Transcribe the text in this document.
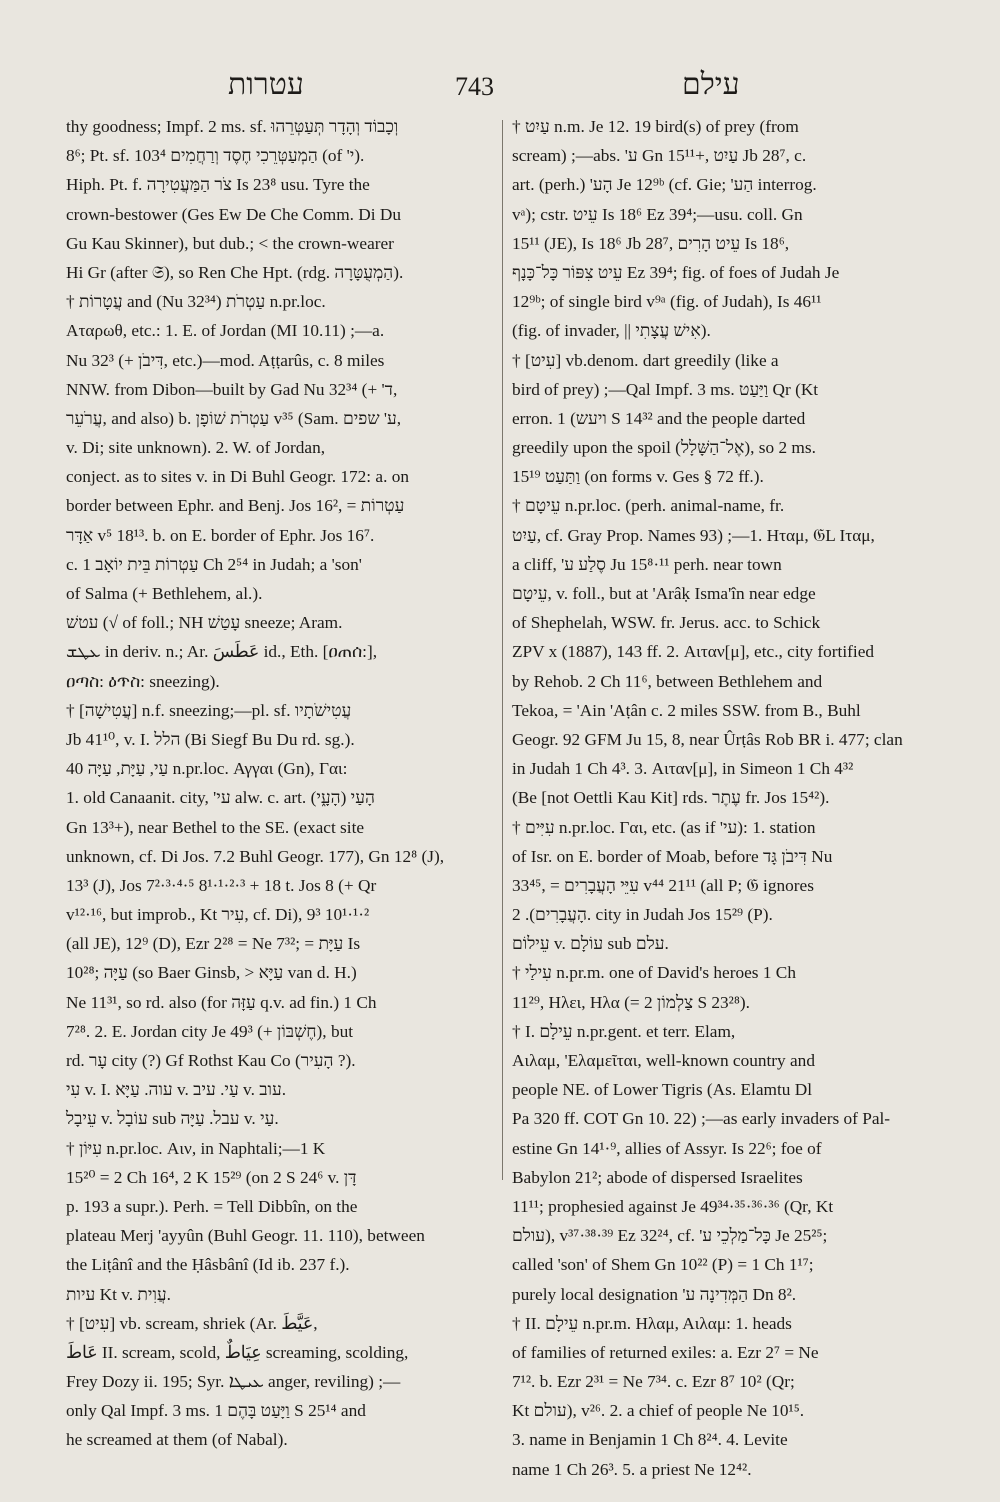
עטרות	743	עילם
thy goodness; Impf. 2 ms. sf. וְכָבוֹד וְהָדָר תְּעַטְּרֵהוּ
8⁶; Pt. sf. הַמְעַטְּרֵכִי חֶסֶד וְרַחֲמִים 103⁴ (of 'י).
Hiph. Pt. f. צֹר הַמַּעֲטִירָה Is 23⁸ usu. Tyre the
crown-bestower (Ges Ew De Che Comm. Di Du
Gu Kau Skinner), but dub.; < the crown-wearer
Hi Gr (after 𝔖), so Ren Che Hpt. (rdg. הַמְעֻטָּרָה).
† עֲטָרוֹת and (Nu 32³⁴) עַטְרֹת n.pr.loc.
Αταρωθ, etc.: 1. E. of Jordan (MI 10.11) ;—a.
Nu 32³ (+ דִּיבֹן, etc.)—mod. Aṭṭarûs, c. 8 miles
NNW. from Dibon—built by Gad Nu 32³⁴ (+ 'ד,
עֲרֹעֵר, and also) b. עַטְרֹת שׁוֹפָן v³⁵ (Sam. ע' שפים,
v. Di; site unknown). 2. W. of Jordan,
conject. as to sites v. in Di Buhl Geogr. 172: a. on
border between Ephr. and Benj. Jos 16², = עַטְרוֹת
אַדָּר v⁵ 18¹³. b. on E. border of Ephr. Jos 16⁷.
c. עַטְרוֹת בֵּית יוֹאָב 1 Ch 2⁵⁴ in Judah; a 'son'
of Salma (+ Bethlehem, al.).
עטשׁ (√ of foll.; NH עָטַשׁ sneeze; Aram.
ܥܛܫ in deriv. n.; Ar. عَطَسَ id., Eth. [ዐጠሰ:],
ዐጣስ: ዕጥስ: sneezing).
† [עֲטִישָׁה] n.f. sneezing;—pl. sf. עֲטִישֹׁתָיו
Jb 41¹⁰, v. I. הלל (Bi Siegf Bu Du rd. sg.).
עַי, עַיָּת, עַיָּה 40 n.pr.loc. Αγγαι (Gn), Γαι:
1. old Canaanit. city, 'עי alw. c. art. הָעַי (הָעָ֑י)
Gn 13³+), near Bethel to the SE. (exact site
unknown, cf. Di Jos. 7.2 Buhl Geogr. 177), Gn 12⁸ (J),
13³ (J), Jos 7²·³·⁴·⁵ 8¹·¹·²·³ + 18 t. Jos 8 (+ Qr
v¹²·¹⁶, but improb., Kt עִיר, cf. Di), 9³ 10¹·¹·²
(all JE), 12⁹ (D), Ezr 2²⁸ = Ne 7³²; = עַיָּת Is
10²⁸; עַיָּה (so Baer Ginsb, > עַיָּא van d. H.)
Ne 11³¹, so rd. also (for עַזָּה q.v. ad fin.) 1 Ch
7²⁸. 2. E. Jordan city Je 49³ (+ חֶשְׁבּוֹן), but
rd. עָר city (?) Gf Rothst Kau Co (הָעִיר ?).
עִי v. I. עוה. עַיָּא v. עַי. עיב v. עוב.
עֵיבָל v. עוֹבָל sub עבל. עַיָּה v. עַי.
† עִיּוֹן n.pr.loc. Αιν, in Naphtali;—1 K
15²⁰ = 2 Ch 16⁴, 2 K 15²⁹ (on 2 S 24⁶ v. דָּן
p. 193 a supr.). Perh. = Tell Dibbîn, on the
plateau Merj 'ayyûn (Buhl Geogr. 11. 110), between
the Liṭânî and the Ḥâsbânî (Id ib. 237 f.).
עיות Kt v. עֲוִית.
† [עִיט] vb. scream, shriek (Ar. عَيَّطَ,
عَاطَ II. scream, scold, عِيَاطٌ screaming, scolding,
Frey Dozy ii. 195; Syr. ܥܝܛܐ anger, reviling) ;—
only Qal Impf. 3 ms. וַיָּעַט בָּהֶם 1 S 25¹⁴ and
he screamed at them (of Nabal).
† עַיִט n.m. Je 12. 19 bird(s) of prey (from
scream) ;—abs. 'ע Gn 15¹¹+, עַיִט Jb 28⁷, c.
art. (perh.) 'הָע Je 12⁹ᵇ (cf. Gie; 'הַע interrog.
vᵃ); cstr. עֵיט Is 18⁶ Ez 39⁴;—usu. coll. Gn
15¹¹ (JE), Is 18⁶ Jb 28⁷, עֵיט הָרִים Is 18⁶,
עֵיט צִפּוֹר כָּל־כָּנָף Ez 39⁴; fig. of foes of Judah Je
12⁹ᵇ; of single bird v⁹ᵃ (fig. of Judah), Is 46¹¹
(fig. of invader, || אִישׁ עֲצָתִי).
† [עִיט] vb.denom. dart greedily (like a
bird of prey) ;—Qal Impf. 3 ms. וַיַּעַט Qr (Kt
erron. ויעש) 1 S 14³² and the people darted
greedily upon the spoil (אֶל־הַשָּׁלָל), so 2 ms.
וַתַּעַט 15¹⁹ (on forms v. Ges § 72 ff.).
† עֵיטָם n.pr.loc. (perh. animal-name, fr.
עַיִט, cf. Gray Prop. Names 93) ;—1. Ηταμ, 𝔊L Ιταμ,
a cliff, 'סֶלַע ע Ju 15⁸·¹¹ perh. near town
עֵיטָם, v. foll., but at 'Arâḳ Isma'în near edge
of Shephelah, WSW. fr. Jerus. acc. to Schick
ZPV x (1887), 143 ff. 2. Αιταν[μ], etc., city fortified
by Rehob. 2 Ch 11⁶, between Bethlehem and
Tekoa, = 'Ain 'Aṭân c. 2 miles SSW. from B., Buhl
Geogr. 92 GFM Ju 15, 8, near Ûrṭâs Rob BR i. 477; clan
in Judah 1 Ch 4³. 3. Αιταν[μ], in Simeon 1 Ch 4³²
(Be [not Oettli Kau Kit] rds. עֶתֶר fr. Jos 15⁴²).
† עִיִּים n.pr.loc. Γαι, etc. (as if 'עי): 1. station
of Isr. on E. border of Moab, before דִּיבֹן גָּד Nu
33⁴⁵, = עִיֵּי הָעֲבָרִים v⁴⁴ 21¹¹ (all P; 𝔊 ignores
הָעֲבָרִים). 2. city in Judah Jos 15²⁹ (P).
עֵילוֹם v. עוֹלָם sub עלם.
† עִילַי n.pr.m. one of David's heroes 1 Ch
11²⁹, Ηλει, Ηλα (= צַלְמוֹן 2 S 23²⁸).
† I. עֵילָם n.pr.gent. et terr. Elam,
Αιλαμ, 'Ελαμεῖται, well-known country and
people NE. of Lower Tigris (As. Elamtu Dl
Pa 320 ff. COT Gn 10. 22) ;—as early invaders of Pal-
estine Gn 14¹·⁹, allies of Assyr. Is 22⁶; foe of
Babylon 21²; abode of dispersed Israelites
11¹¹; prophesied against Je 49³⁴·³⁵·³⁶·³⁶ (Qr, Kt
עולם), v³⁷·³⁸·³⁹ Ez 32²⁴, cf. 'כָּל־מַלְכֵי ע Je 25²⁵;
called 'son' of Shem Gn 10²² (P) = 1 Ch 1¹⁷;
purely local designation 'הַמְּדִינָה ע Dn 8².
† II. עֵילָם n.pr.m. Ηλαμ, Αιλαμ: 1. heads
of families of returned exiles: a. Ezr 2⁷ = Ne
7¹². b. Ezr 2³¹ = Ne 7³⁴. c. Ezr 8⁷ 10² (Qr;
Kt עולם), v²⁶. 2. a chief of people Ne 10¹⁵.
3. name in Benjamin 1 Ch 8²⁴. 4. Levite
name 1 Ch 26³. 5. a priest Ne 12⁴².
